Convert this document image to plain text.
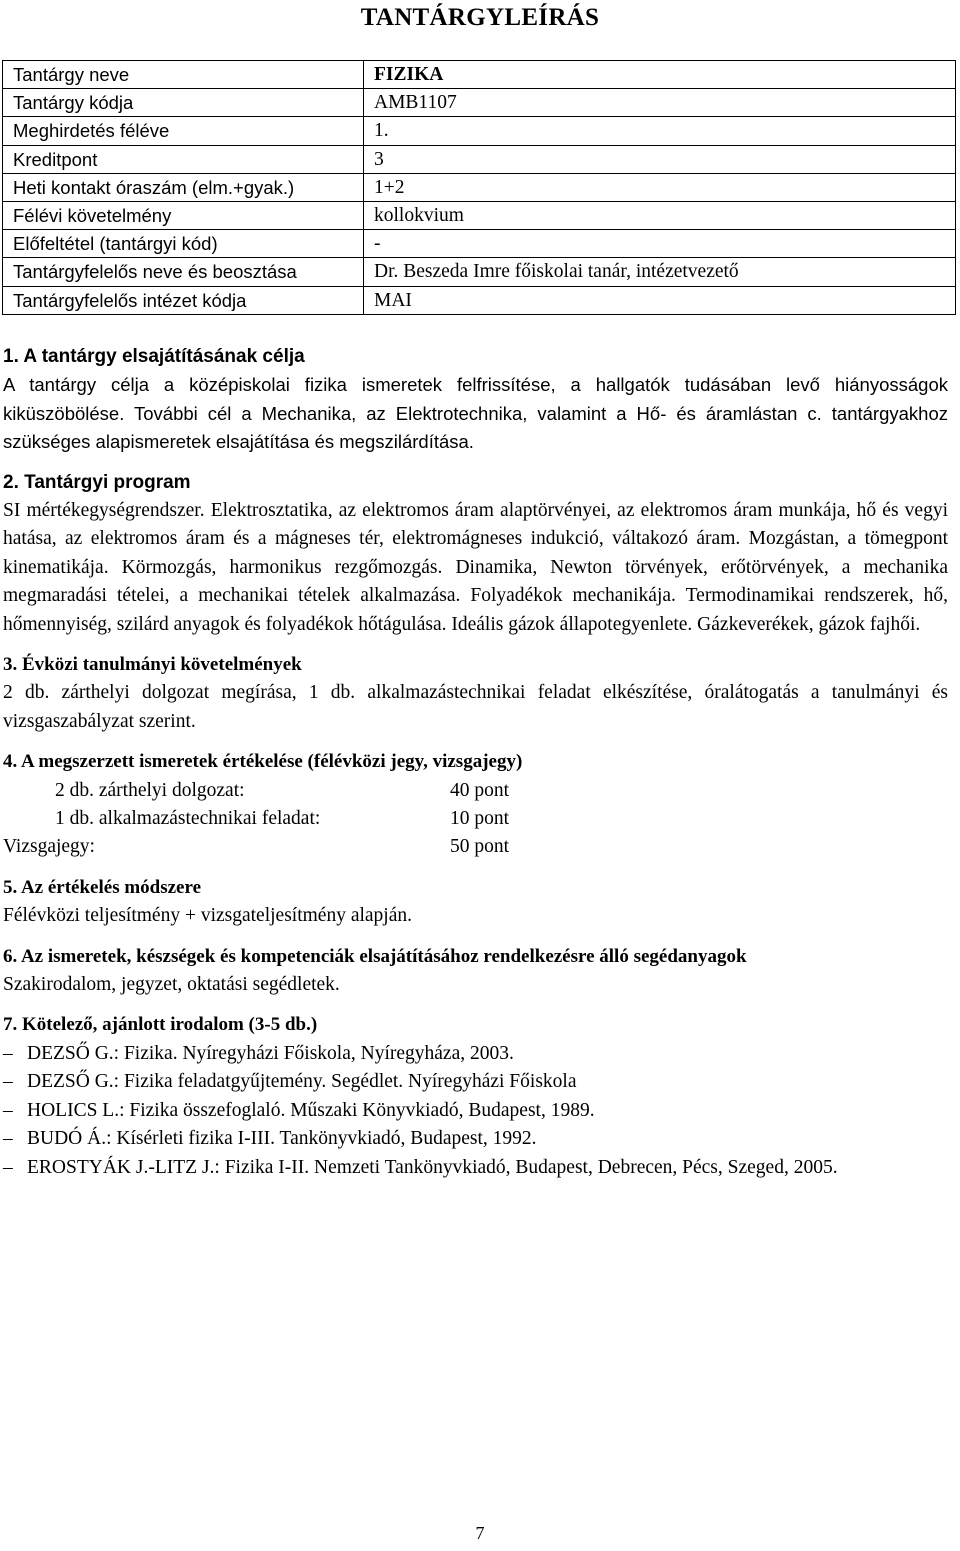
TANTÁRGYLEÍRÁS
Tantárgy neve	FIZIKA
Tantárgy kódja	AMB1107
Meghirdetés féléve	1.
Kreditpont	3
Heti kontakt óraszám (elm.+gyak.)	1+2
Félévi követelmény	kollokvium
Előfeltétel (tantárgyi kód)	-
Tantárgyfelelős neve és beosztása	Dr. Beszeda Imre főiskolai tanár, intézetvezető
Tantárgyfelelős intézet kódja	MAI

1. A tantárgy elsajátításának célja

A tantárgy célja a középiskolai fizika ismeretek felfrissítése, a hallgatók tudásában levő hiányosságok kiküszöbölése. További cél a Mechanika, az Elektrotechnika, valamint a Hő- és áramlástan c. tantárgyakhoz szükséges alapismeretek elsajátítása és megszilárdítása.

2. Tantárgyi program

SI mértékegységrendszer. Elektrosztatika, az elektromos áram alaptörvényei, az elektromos áram munkája, hő és vegyi hatása, az elektromos áram és a mágneses tér, elektromágneses indukció, váltakozó áram. Mozgástan, a tömegpont kinematikája. Körmozgás, harmonikus rezgőmozgás. Dinamika, Newton törvények, erőtörvények, a mechanika megmaradási tételei, a mechanikai tételek alkalmazása. Folyadékok mechanikája. Termodinamikai rendszerek, hő, hőmennyiség, szilárd anyagok és folyadékok hőtágulása. Ideális gázok állapotegyenlete. Gázkeverékek, gázok fajhői.

3. Évközi tanulmányi követelmények

2 db. zárthelyi dolgozat megírása, 1 db. alkalmazástechnikai feladat elkészítése, óralátogatás a tanulmányi és vizsgaszabályzat szerint.

4. A megszerzett ismeretek értékelése (félévközi jegy, vizsgajegy)

2 db. zárthelyi dolgozat:	40 pont
1 db. alkalmazástechnikai feladat:	10 pont
Vizsgajegy:	50 pont

5. Az értékelés módszere

Félévközi teljesítmény + vizsgateljesítmény alapján.

6. Az ismeretek, készségek és kompetenciák elsajátításához rendelkezésre álló segédanyagok

Szakirodalom, jegyzet, oktatási segédletek.

7. Kötelező, ajánlott irodalom (3-5 db.)

– DEZSŐ G.: Fizika. Nyíregyházi Főiskola, Nyíregyháza, 2003.
– DEZSŐ G.: Fizika feladatgyűjtemény. Segédlet. Nyíregyházi Főiskola
– HOLICS L.: Fizika összefoglaló. Műszaki Könyvkiadó, Budapest, 1989.
– BUDÓ Á.: Kísérleti fizika I-III. Tankönyvkiadó, Budapest, 1992.
– EROSTYÁK J.-LITZ J.: Fizika I-II. Nemzeti Tankönyvkiadó, Budapest, Debrecen, Pécs, Szeged, 2005.
7
